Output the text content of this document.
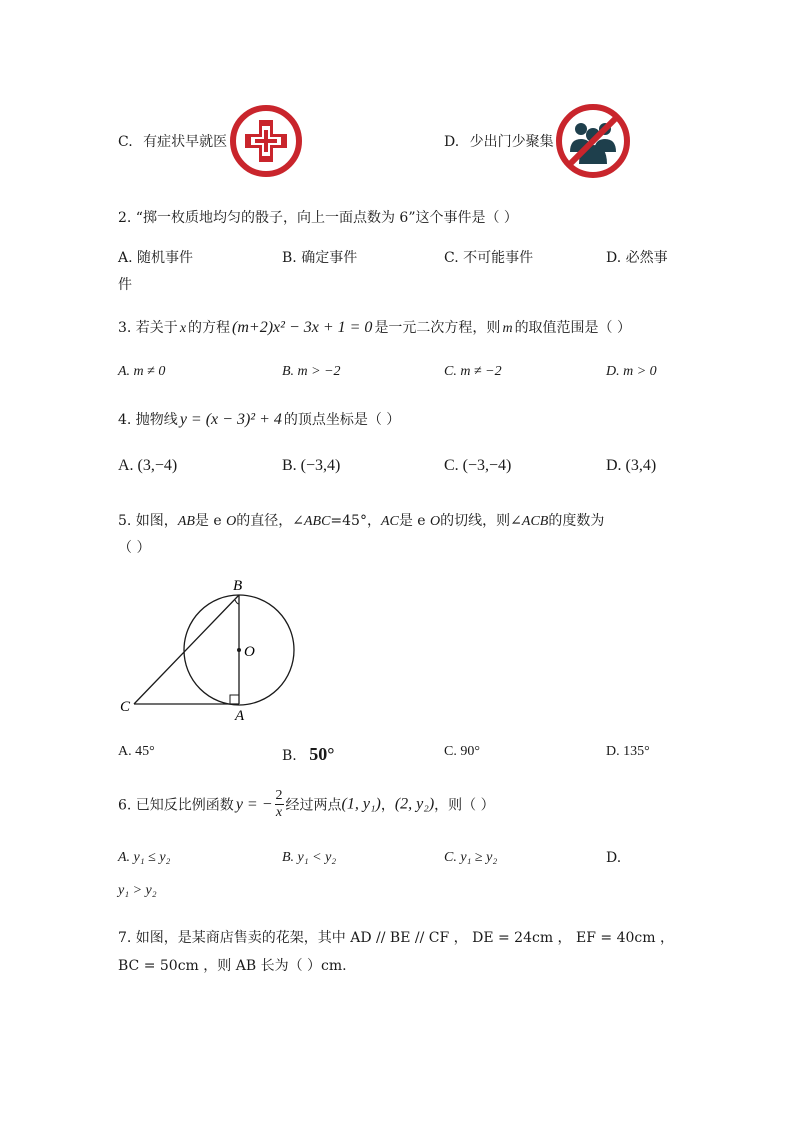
C. 有症状早就医	D. 少出门少聚集
2. “掷一枚质地均匀的骰子，向上一面点数为 6”这个事件是（ ）
A. 随机事件	B. 确定事件	C. 不可能事件	D. 必然事
件
3. 若关于 x 的方程 (m+2)x² − 3x + 1 = 0 是一元二次方程，则 m 的取值范围是（ ）
A. m ≠ 0	B. m > −2	C. m ≠ −2	D. m > 0
4. 抛物线 y = (x − 3)² + 4 的顶点坐标是（ ）
A. (3,−4)	B. (−3,4)	C. (−3,−4)	D. (3,4)
5. 如图，AB是 e O的直径，∠ABC=45°，AC是 e O的切线，则∠ACB的度数为
（ ）
B
O
C
A
A. 45°	B. 50°	C. 90°	D. 135°
6. 已知反比例函数 y = − $\frac{2}{x}$ 经过两点(1, y₁)，(2, y₂)，则（ ）
A. y₁ ≤ y₂	B. y₁ < y₂	C. y₁ ≥ y₂	D.
y₁ > y₂
7. 如图，是某商店售卖的花架，其中 AD // BE // CF ， DE = 24cm ， EF = 40cm ，
BC = 50cm ，则 AB 长为（ ）cm.
